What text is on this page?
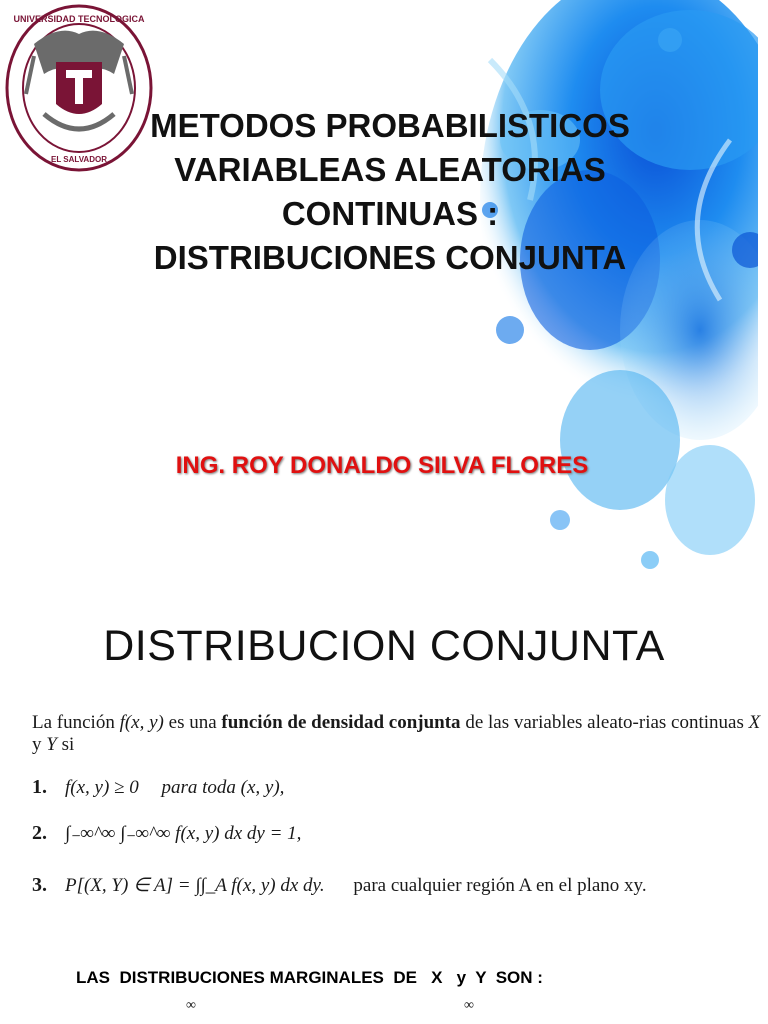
UNIVERSIDAD TECNOLOGICA
EL SALVADOR
METODOS PROBABILISTICOS
VARIABLEAS ALEATORIAS
CONTINUAS :
DISTRIBUCIONES CONJUNTA
ING. ROY DONALDO SILVA FLORES
DISTRIBUCION CONJUNTA
La función f(x, y) es una función de densidad conjunta de las variables aleato-rias continuas X y Y si
1. f(x, y) ≥ 0 para toda (x, y),
2. ∫₋∞^∞ ∫₋∞^∞ f(x, y) dx dy = 1,
3. P[(X, Y) ∈ A] = ∫∫_A f(x, y) dx dy. para cualquier región A en el plano xy.
LAS  DISTRIBUCIONES MARGINALES  DE   X   y  Y  SON :
∞	∞
